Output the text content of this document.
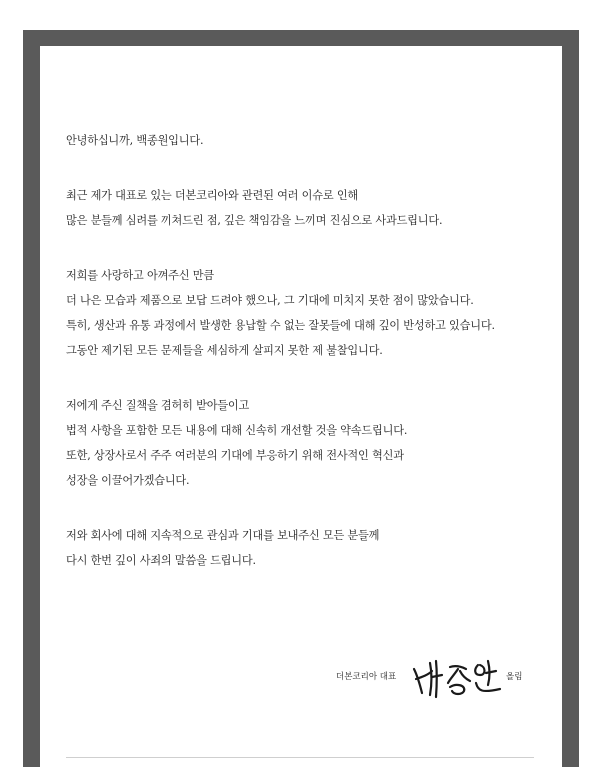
안녕하십니까, 백종원입니다.
최근 제가 대표로 있는 더본코리아와 관련된 여러 이슈로 인해
많은 분들께 심려를 끼쳐드린 점, 깊은 책임감을 느끼며 진심으로 사과드립니다.
저희를 사랑하고 아껴주신 만큼
더 나은 모습과 제품으로 보답 드려야 했으나, 그 기대에 미치지 못한 점이 많았습니다.
특히, 생산과 유통 과정에서 발생한 용납할 수 없는 잘못들에 대해 깊이 반성하고 있습니다.
그동안 제기된 모든 문제들을 세심하게 살피지 못한 제 불찰입니다.
저에게 주신 질책을 겸허히 받아들이고
법적 사항을 포함한 모든 내용에 대해 신속히 개선할 것을 약속드립니다.
또한, 상장사로서 주주 여러분의 기대에 부응하기 위해 전사적인 혁신과
성장을 이끌어가겠습니다.
저와 회사에 대해 지속적으로 관심과 기대를 보내주신 모든 분들께
다시 한번 깊이 사죄의 말씀을 드립니다.
더본코리아 대표	올림
